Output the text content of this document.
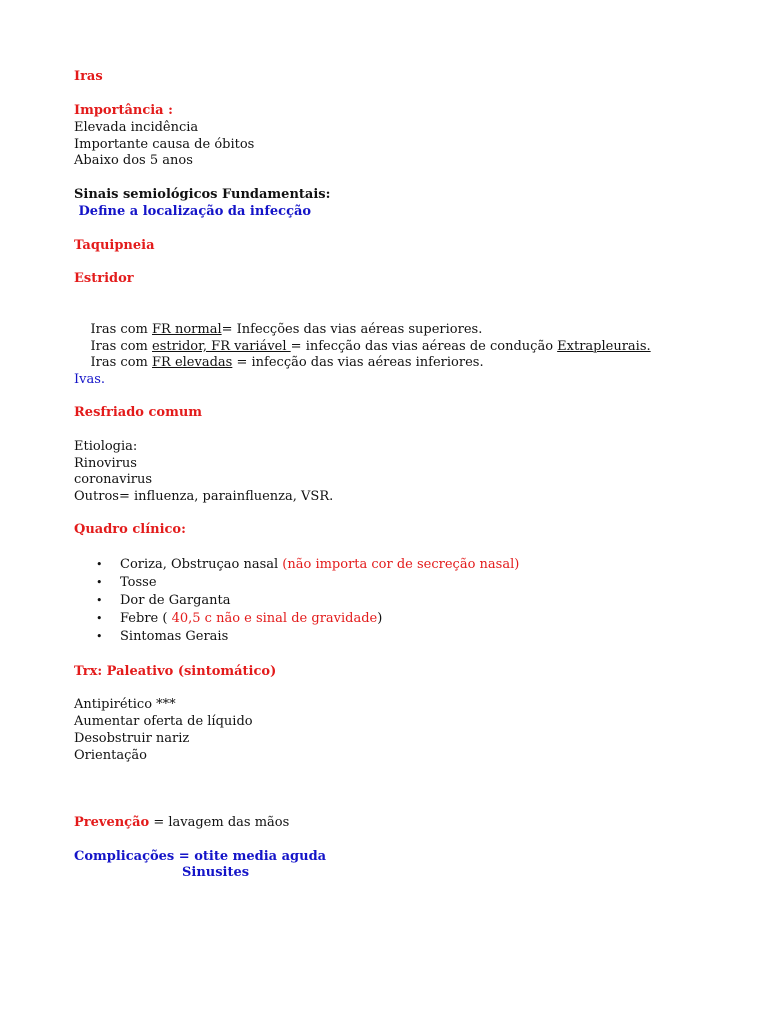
Iras
Importância :
Elevada incidência
Importante causa de óbitos
Abaixo dos 5 anos
Sinais semiológicos Fundamentais:
Define a localização da infecção
Taquipneia
Estridor

Iras com FR normal= Infecções das vias aéreas superiores.

Iras com estridor, FR variável = infecção das vias aéreas de condução Extrapleurais.

Iras com FR elevadas = infecção das vias aéreas inferiores.

Ivas.
Resfriado comum
Etiologia:
Rinovirus
coronavirus
Outros= influenza, parainfluenza, VSR.
Quadro clínico:
• Coriza, Obstruçao nasal (não importa cor de secreção nasal)
• Tosse
• Dor de Garganta
• Febre ( 40,5 c não e sinal de gravidade)
• Sintomas Gerais
Trx: Paleativo (sintomático)
Antipirético ***
Aumentar oferta de líquido
Desobstruir nariz
Orientação
Prevenção = lavagem das mãos
Complicações = otite media aguda
Sinusites
